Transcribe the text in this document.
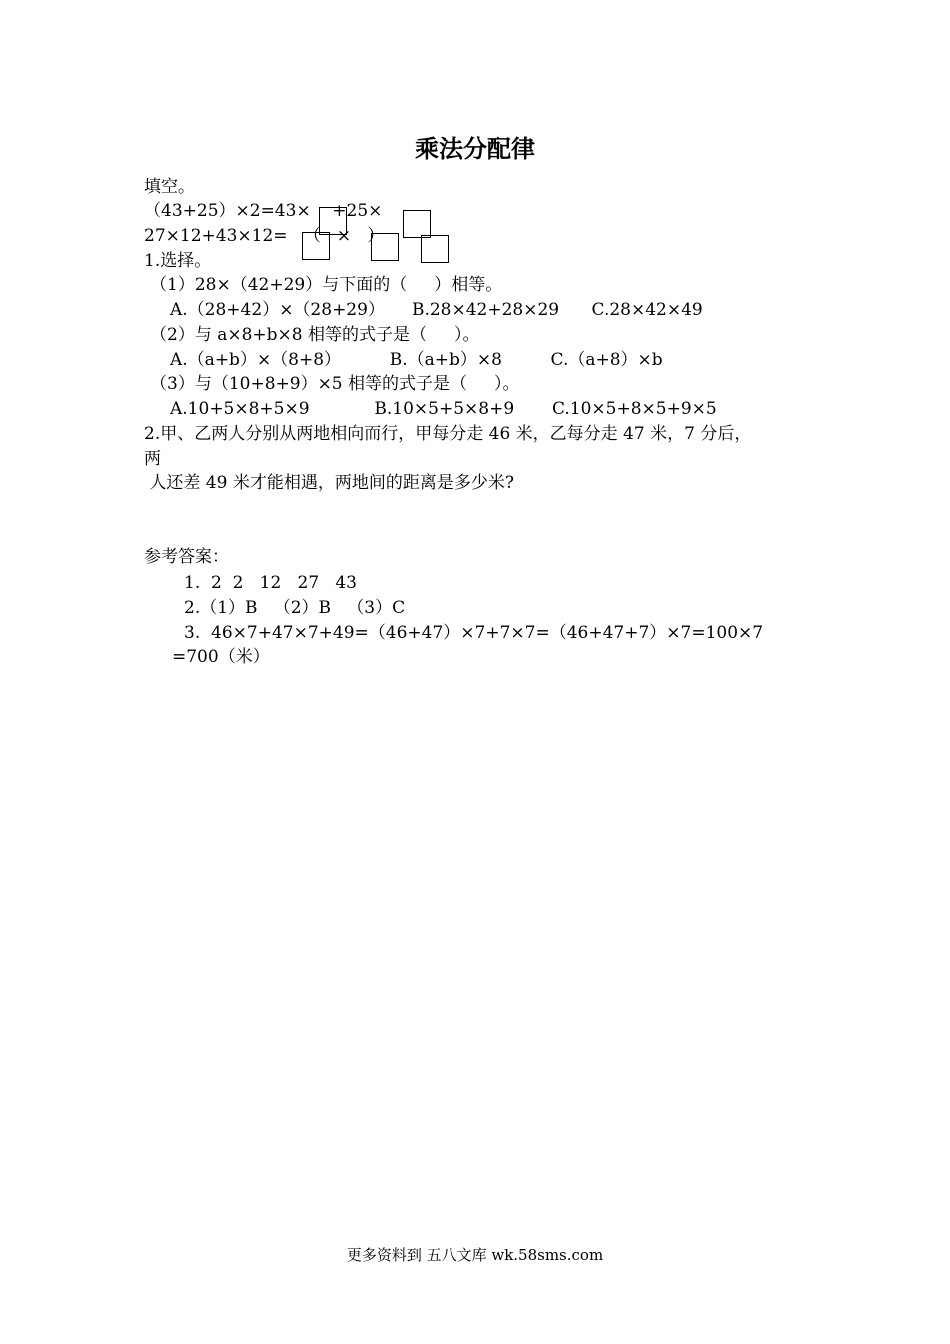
乘法分配律
填空。
（43+25）×2=43×    +25×
27×12+43×12=   （   ×   ）
1.选择。
（1）28×（42+29）与下面的（     ）相等。
A.（28+42）×（28+29）     B.28×42+28×29      C.28×42×49
（2）与 a×8+b×8 相等的式子是（     ）。
A.（a+b）×（8+8）         B.（a+b）×8         C.（a+8）×b
（3）与（10+8+9）×5 相等的式子是（     ）。
A.10+5×8+5×9            B.10×5+5×8+9       C.10×5+8×5+9×5
2.甲、乙两人分别从两地相向而行，甲每分走 46 米，乙每分走 47 米，7 分后，
两
人还差 49 米才能相遇，两地间的距离是多少米?
参考答案：
1.  2  2   12   27   43
2.（1）B   （2）B   （3）C
3.  46×7+47×7+49=（46+47）×7+7×7=（46+47+7）×7=100×7
=700（米）
更多资料到 五八文库 wk.58sms.com
